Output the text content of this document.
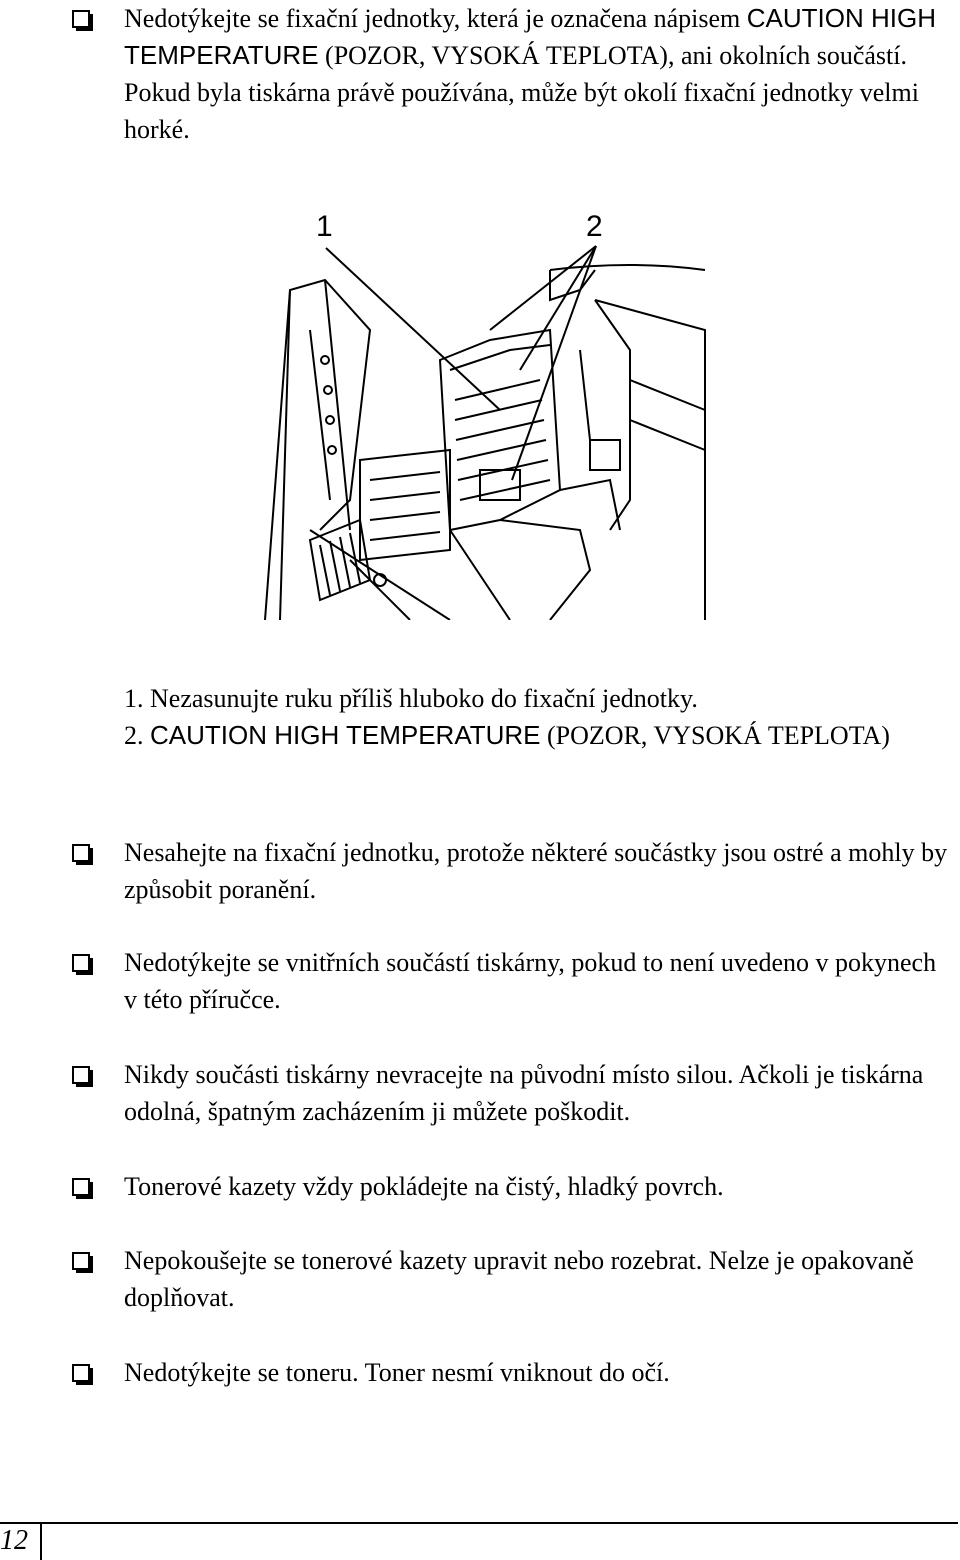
Nedotýkejte se fixační jednotky, která je označena nápisem CAUTION HIGH TEMPERATURE (POZOR, VYSOKÁ TEPLOTA), ani okolních součástí. Pokud byla tiskárna právě používána, může být okolí fixační jednotky velmi horké.

1	2

1. Nezasunujte ruku příliš hluboko do fixační jednotky.

2. CAUTION HIGH TEMPERATURE (POZOR, VYSOKÁ TEPLOTA)

Nesahejte na fixační jednotku, protože některé součástky jsou ostré a mohly by způsobit poranění.

Nedotýkejte se vnitřních součástí tiskárny, pokud to není uvedeno v pokynech v této příručce.

Nikdy součásti tiskárny nevracejte na původní místo silou. Ačkoli je tiskárna odolná, špatným zacházením ji můžete poškodit.

Tonerové kazety vždy pokládejte na čistý, hladký povrch.

Nepokoušejte se tonerové kazety upravit nebo rozebrat. Nelze je opakovaně doplňovat.

Nedotýkejte se toneru. Toner nesmí vniknout do očí.

12
